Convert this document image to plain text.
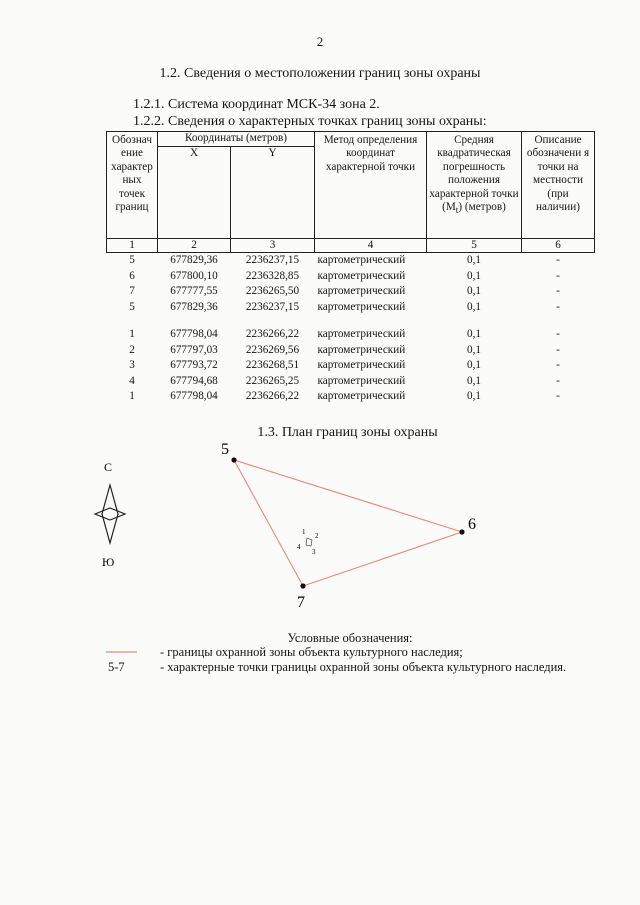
2
1.2. Сведения о местоположении границ зоны охраны
1.2.1. Система координат МСК-34 зона 2.
1.2.2. Сведения о характерных точках границ зоны охраны:
Обознач ение характер ных точек границ	Координаты (метров)		Метод определения координат характерной точки	Средняя квадратическая погрешность положения характерной точки $(M_t)$ (метров)	Описание обозначени я точки на местности (при наличии)
	X	Y			
1	2	3	4	5	6
5	677829,36	2236237,15	картометрический	0,1	-
6	677800,10	2236328,85	картометрический	0,1	-
7	677777,55	2236265,50	картометрический	0,1	-
5	677829,36	2236237,15	картометрический	0,1	-

1	677798,04	2236266,22	картометрический	0,1	-
2	677797,03	2236269,56	картометрический	0,1	-
3	677793,72	2236268,51	картометрический	0,1	-
4	677794,68	2236265,25	картометрический	0,1	-
1	677798,04	2236266,22	картометрический	0,1	-
1.3. План границ зоны охраны
С
Ю
5
6
7
1 2
3
4
Условные обозначения:
- границы охранной зоны объекта культурного наследия;
5-7	- характерные точки границы охранной зоны объекта культурного наследия.
